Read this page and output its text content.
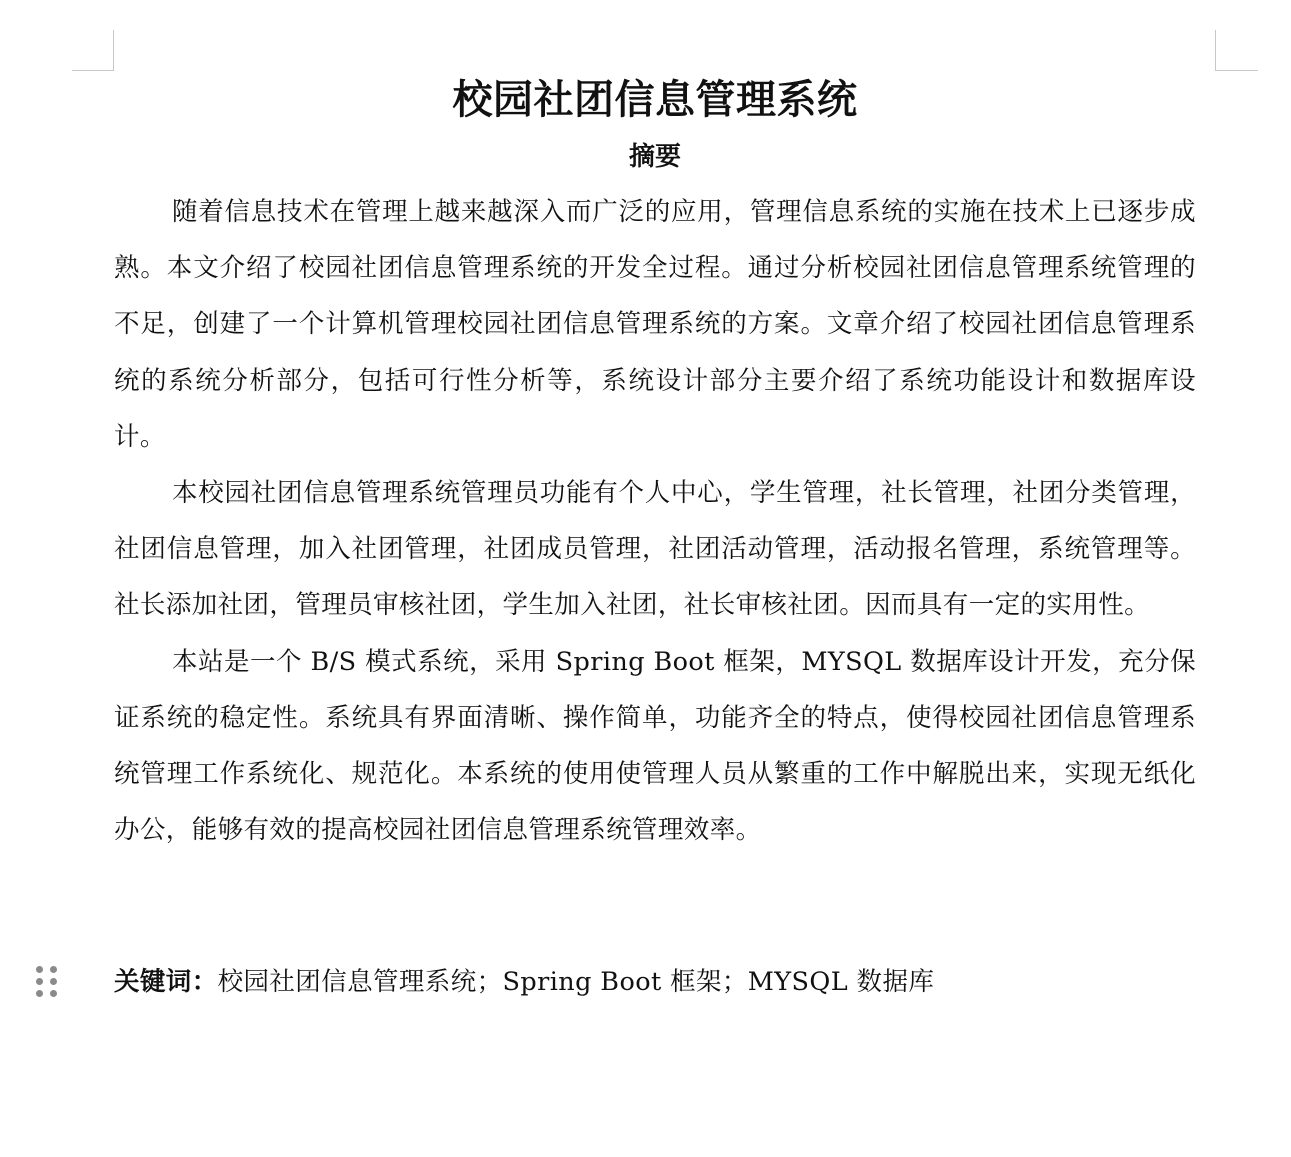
校园社团信息管理系统
摘要

随着信息技术在管理上越来越深入而广泛的应用，管理信息系统的实施在技术上已逐步成熟。本文介绍了校园社团信息管理系统的开发全过程。通过分析校园社团信息管理系统管理的不足，创建了一个计算机管理校园社团信息管理系统的方案。文章介绍了校园社团信息管理系统的系统分析部分，包括可行性分析等，系统设计部分主要介绍了系统功能设计和数据库设计。

本校园社团信息管理系统管理员功能有个人中心，学生管理，社长管理，社团分类管理，社团信息管理，加入社团管理，社团成员管理，社团活动管理，活动报名管理，系统管理等。社长添加社团，管理员审核社团，学生加入社团，社长审核社团。因而具有一定的实用性。

本站是一个 B/S 模式系统，采用 Spring Boot 框架，MYSQL 数据库设计开发，充分保证系统的稳定性。系统具有界面清晰、操作简单，功能齐全的特点，使得校园社团信息管理系统管理工作系统化、规范化。本系统的使用使管理人员从繁重的工作中解脱出来，实现无纸化办公，能够有效的提高校园社团信息管理系统管理效率。

关键词：校园社团信息管理系统；Spring Boot 框架；MYSQL 数据库
